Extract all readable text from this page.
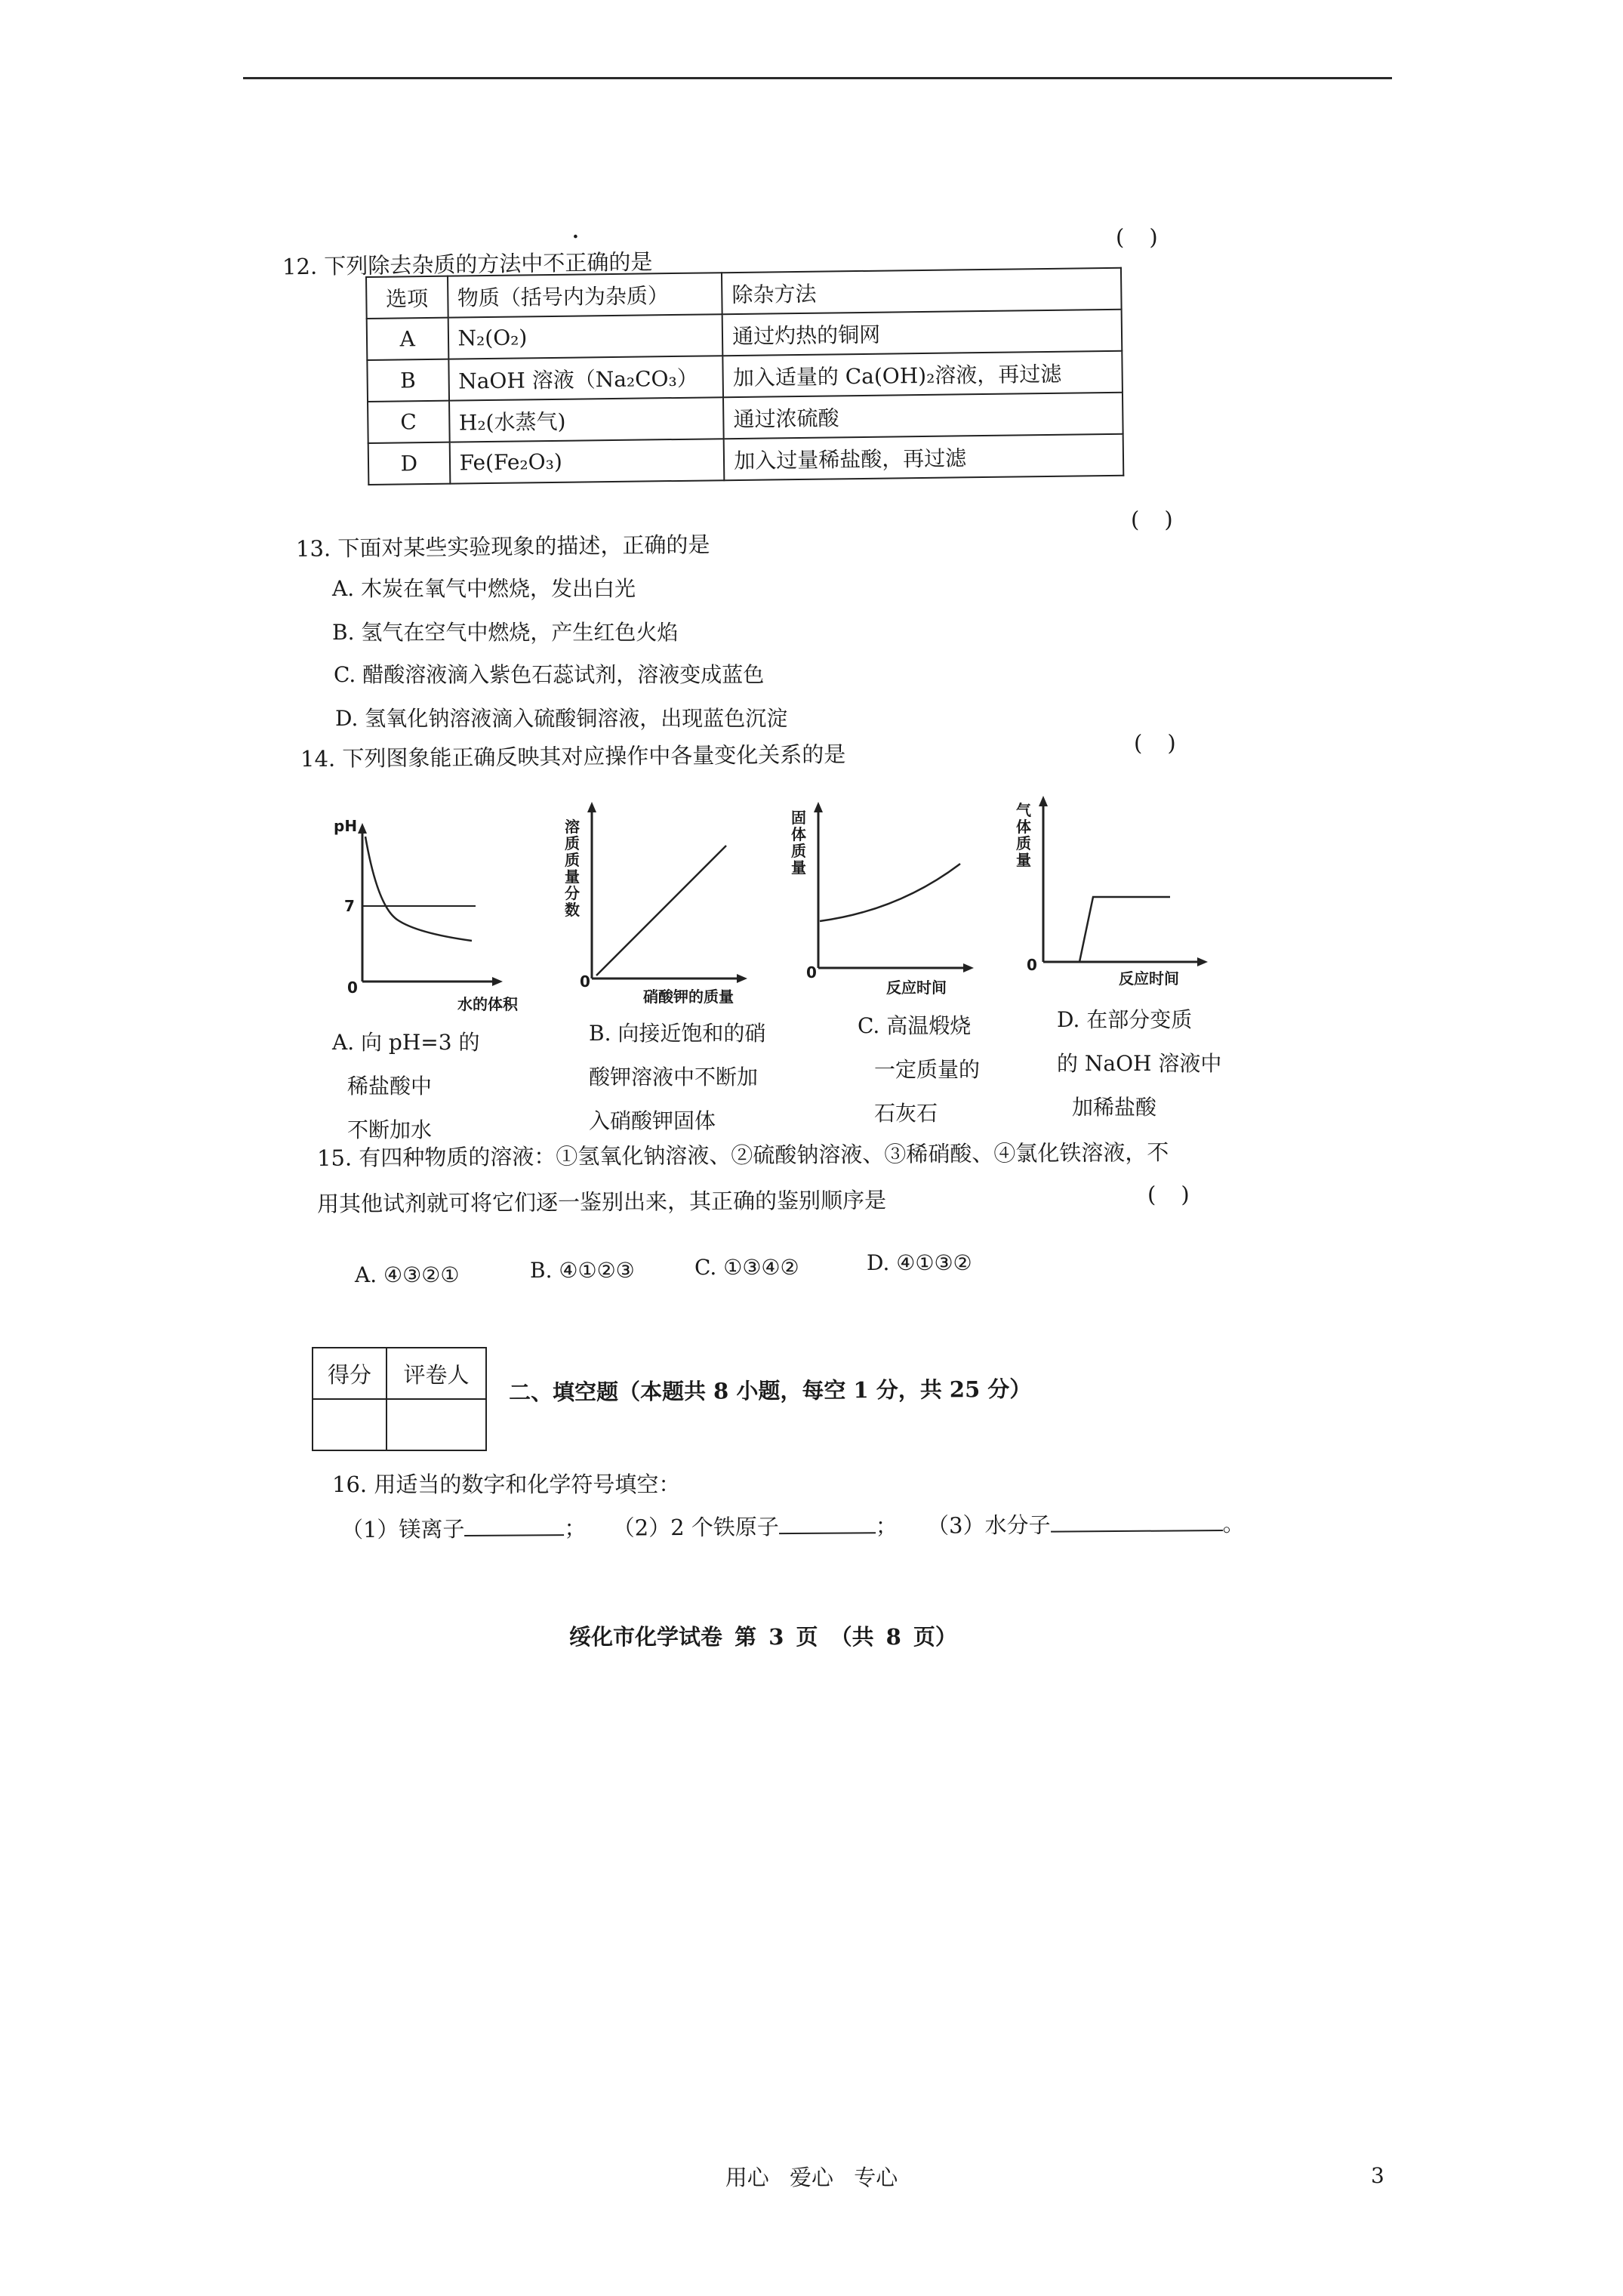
12. 下列除去杂质的方法中不正确的是
(　)
选项	物质（括号内为杂质）	除杂方法
A	N₂(O₂)	通过灼热的铜网
B	NaOH 溶液（Na₂CO₃）	加入适量的 Ca(OH)₂溶液，再过滤
C	H₂(水蒸气)	通过浓硫酸
D	Fe(Fe₂O₃)	加入过量稀盐酸，再过滤
13. 下面对某些实验现象的描述，正确的是
(　)
A. 木炭在氧气中燃烧，发出白光
B. 氢气在空气中燃烧，产生红色火焰
C. 醋酸溶液滴入紫色石蕊试剂，溶液变成蓝色
D. 氢氧化钠溶液滴入硫酸铜溶液，出现蓝色沉淀
14. 下列图象能正确反映其对应操作中各量变化关系的是	(　)
pH
7
0
水的体积
溶质质量分数
0
硝酸钾的质量
固体质量
0
反应时间
气体质量
0
反应时间
A. 向 pH=3 的
稀盐酸中
不断加水
B. 向接近饱和的硝
酸钾溶液中不断加
入硝酸钾固体
C. 高温煅烧
一定质量的
石灰石
D. 在部分变质
的 NaOH 溶液中
加稀盐酸
15. 有四种物质的溶液：①氢氧化钠溶液、②硫酸钠溶液、③稀硝酸、④氯化铁溶液，不
用其他试剂就可将它们逐一鉴别出来，其正确的鉴别顺序是	(　)
A. ④③②①	B. ④①②③	C. ①③④②	D. ④①③②
得分	评卷人

二、填空题（本题共 8 小题，每空 1 分，共 25 分）
16. 用适当的数字和化学符号填空：
（1）镁离子	； （2）2 个铁原子	； （3）水分子	。
绥化市化学试卷 第 3 页 （共 8 页）
用心 爱心 专心	3
